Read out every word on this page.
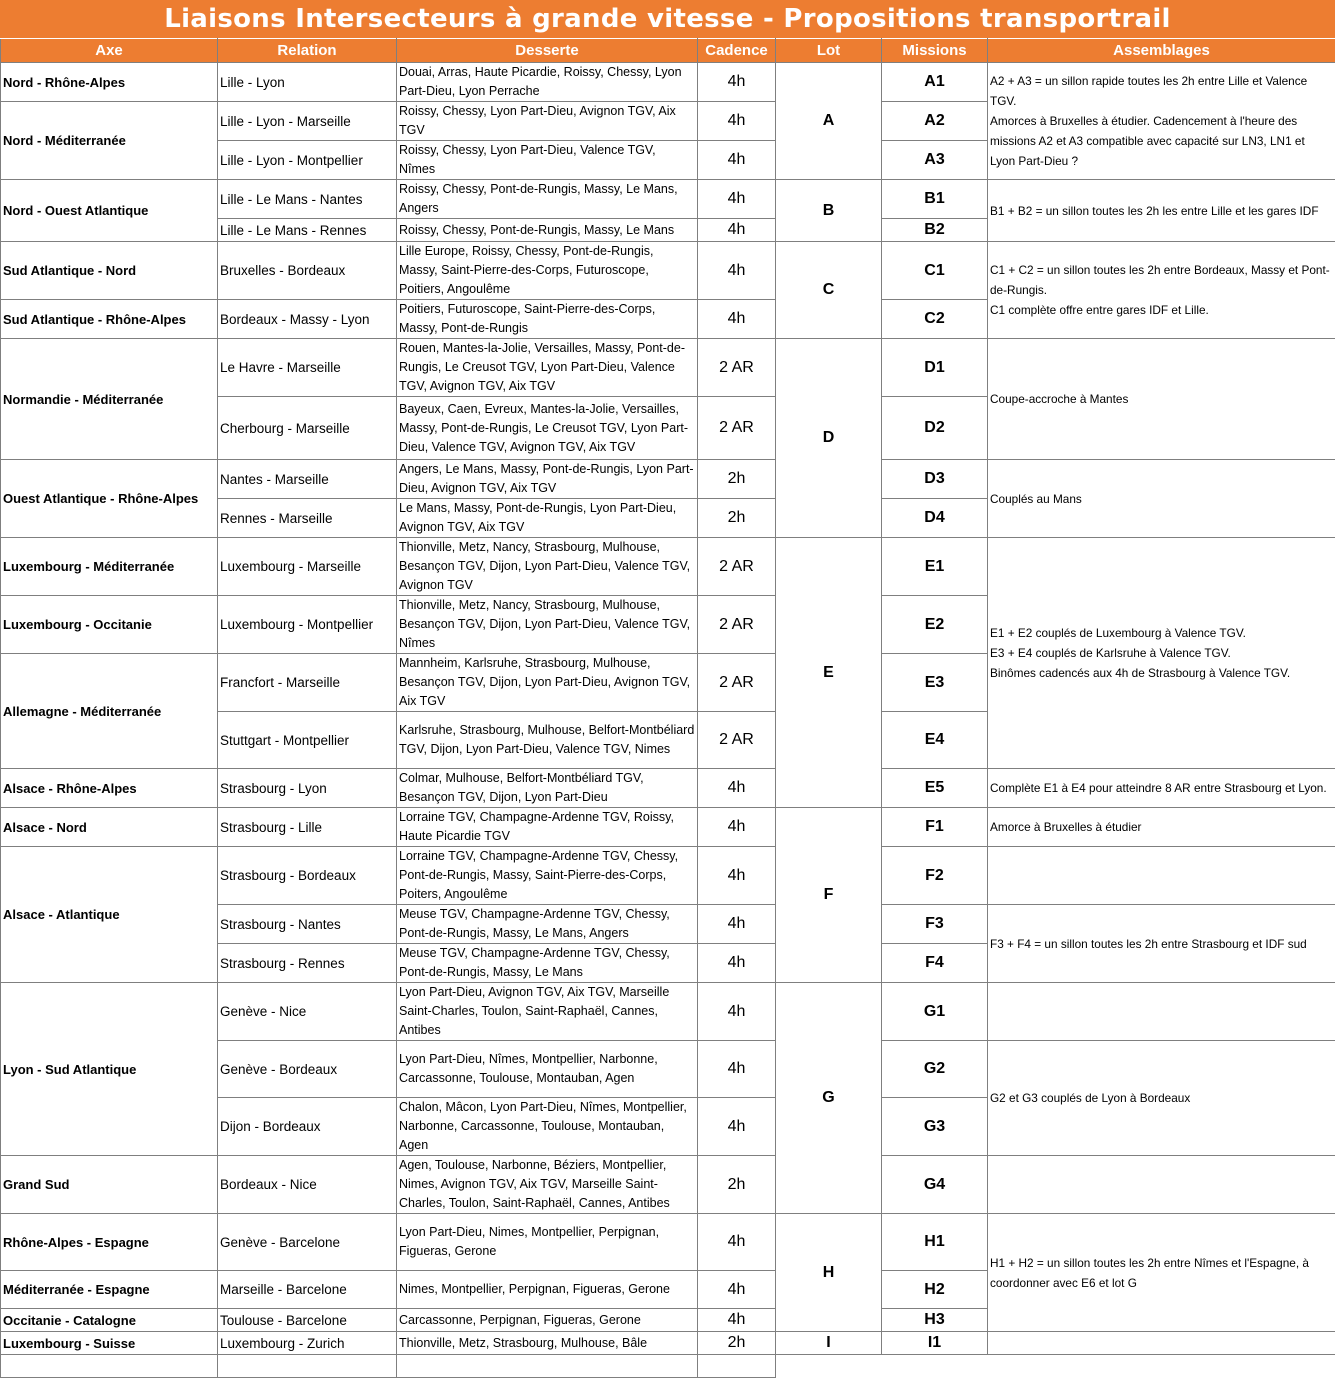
Liaisons Intersecteurs à grande vitesse - Propositions transportrail
Axe	Relation	Desserte	Cadence	Lot	Missions	Assemblages
Nord - Rhône-Alpes	Lille - Lyon	Douai, Arras, Haute Picardie, Roissy, Chessy, Lyon Part-Dieu, Lyon Perrache	4h	A	A1	A2 + A3 = un sillon rapide toutes les 2h entre Lille et Valence TGV.
Amorces à Bruxelles à étudier. Cadencement à l'heure des missions A2 et A3 compatible avec capacité sur LN3, LN1 et Lyon Part-Dieu ?

Nord - Méditerranée	Lille - Lyon - Marseille	Roissy, Chessy, Lyon Part-Dieu, Avignon TGV, Aix TGV	4h		A2	
	Lille - Lyon - Montpellier	Roissy, Chessy, Lyon Part-Dieu, Valence TGV, Nîmes	4h		A3	
Nord - Ouest Atlantique	Lille - Le Mans - Nantes	Roissy, Chessy, Pont-de-Rungis, Massy, Le Mans, Angers	4h	B	B1	B1 + B2 = un sillon toutes les 2h les entre Lille et les gares IDF

	Lille - Le Mans - Rennes	Roissy, Chessy, Pont-de-Rungis, Massy, Le Mans	4h		B2	
Sud Atlantique - Nord	Bruxelles - Bordeaux	Lille Europe, Roissy, Chessy, Pont-de-Rungis, Massy, Saint-Pierre-des-Corps, Futuroscope, Poitiers, Angoulême	4h	C	C1	C1 + C2 = un sillon toutes les 2h entre Bordeaux, Massy et Pont-de-Rungis.
C1 complète offre entre gares IDF et Lille.

Sud Atlantique - Rhône-Alpes	Bordeaux - Massy - Lyon	Poitiers, Futuroscope, Saint-Pierre-des-Corps, Massy, Pont-de-Rungis	4h		C2	
Normandie - Méditerranée	Le Havre - Marseille	Rouen, Mantes-la-Jolie, Versailles, Massy, Pont-de-Rungis, Le Creusot TGV, Lyon Part-Dieu, Valence TGV, Avignon TGV, Aix TGV	2 AR	D	D1	Coupe-accroche à Mantes

	Cherbourg - Marseille	Bayeux, Caen, Evreux, Mantes-la-Jolie, Versailles, Massy, Pont-de-Rungis, Le Creusot TGV, Lyon Part-Dieu, Valence TGV, Avignon TGV, Aix TGV	2 AR		D2	
Ouest Atlantique - Rhône-Alpes	Nantes - Marseille	Angers, Le Mans, Massy, Pont-de-Rungis, Lyon Part-Dieu, Avignon TGV, Aix TGV	2h		D3	Couplés au Mans

	Rennes - Marseille	Le Mans, Massy, Pont-de-Rungis, Lyon Part-Dieu, Avignon TGV, Aix TGV	2h		D4	
Luxembourg - Méditerranée	Luxembourg - Marseille	Thionville, Metz, Nancy, Strasbourg, Mulhouse, Besançon TGV, Dijon, Lyon Part-Dieu, Valence TGV, Avignon TGV	2 AR	E	E1	E1 + E2 couplés de Luxembourg à Valence TGV.
E3 + E4 couplés de Karlsruhe à Valence TGV.
Binômes cadencés aux 4h de Strasbourg à Valence TGV.

Luxembourg - Occitanie	Luxembourg - Montpellier	Thionville, Metz, Nancy, Strasbourg, Mulhouse, Besançon TGV, Dijon, Lyon Part-Dieu, Valence TGV, Nîmes	2 AR		E2	
Allemagne - Méditerranée	Francfort - Marseille	Mannheim, Karlsruhe, Strasbourg, Mulhouse, Besançon TGV, Dijon, Lyon Part-Dieu, Avignon TGV, Aix TGV	2 AR		E3	
	Stuttgart - Montpellier	Karlsruhe, Strasbourg, Mulhouse, Belfort-Montbéliard TGV, Dijon, Lyon Part-Dieu, Valence TGV, Nimes	2 AR		E4	
Alsace - Rhône-Alpes	Strasbourg - Lyon	Colmar, Mulhouse, Belfort-Montbéliard TGV, Besançon TGV, Dijon, Lyon Part-Dieu	4h		E5	Complète E1 à E4 pour atteindre 8 AR entre Strasbourg et Lyon.

Alsace - Nord	Strasbourg - Lille	Lorraine TGV, Champagne-Ardenne TGV, Roissy, Haute Picardie TGV	4h	F	F1	Amorce à Bruxelles à étudier

Alsace - Atlantique	Strasbourg - Bordeaux	Lorraine TGV, Champagne-Ardenne TGV, Chessy, Pont-de-Rungis, Massy, Saint-Pierre-des-Corps, Poiters, Angoulême	4h		F2	
	Strasbourg - Nantes	Meuse TGV, Champagne-Ardenne TGV, Chessy, Pont-de-Rungis, Massy, Le Mans, Angers	4h		F3	F3 + F4 = un sillon toutes les 2h entre Strasbourg et IDF sud

	Strasbourg - Rennes	Meuse TGV, Champagne-Ardenne TGV, Chessy, Pont-de-Rungis, Massy, Le Mans	4h		F4	
Lyon - Sud Atlantique	Genève - Nice	Lyon Part-Dieu, Avignon TGV, Aix TGV, Marseille Saint-Charles, Toulon, Saint-Raphaël, Cannes, Antibes	4h	G	G1	
	Genève - Bordeaux	Lyon Part-Dieu, Nîmes, Montpellier, Narbonne, Carcassonne, Toulouse, Montauban, Agen	4h		G2	G2 et G3 couplés de Lyon à Bordeaux

	Dijon - Bordeaux	Chalon, Mâcon, Lyon Part-Dieu, Nîmes, Montpellier, Narbonne, Carcassonne, Toulouse, Montauban, Agen	4h		G3	
Grand Sud	Bordeaux - Nice	Agen, Toulouse, Narbonne, Béziers, Montpellier, Nimes, Avignon TGV, Aix TGV, Marseille Saint-Charles, Toulon, Saint-Raphaël, Cannes, Antibes	2h		G4	
Rhône-Alpes - Espagne	Genève - Barcelone	Lyon Part-Dieu, Nimes, Montpellier, Perpignan, Figueras, Gerone	4h	H	H1	H1 + H2 = un sillon toutes les 2h entre Nîmes et l'Espagne, à coordonner avec E6 et lot G

Méditerranée - Espagne	Marseille - Barcelone	Nimes, Montpellier, Perpignan, Figueras, Gerone	4h		H2	
Occitanie - Catalogne	Toulouse - Barcelone	Carcassonne, Perpignan, Figueras, Gerone	4h		H3	
Luxembourg - Suisse	Luxembourg - Zurich	Thionville, Metz, Strasbourg, Mulhouse, Bâle	2h	I	I1	
